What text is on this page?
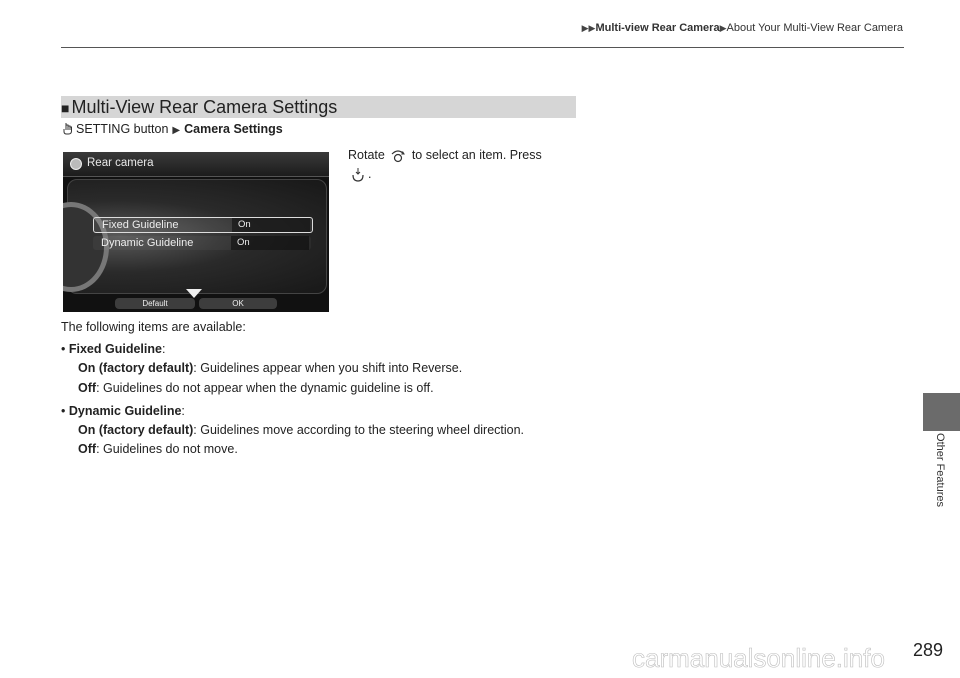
▶▶Multi-view Rear Camera▶About Your Multi-View Rear Camera
Other Features
■ Multi-View Rear Camera Settings
SETTING button ▶ Camera Settings
Rear camera
Fixed Guideline	On
Dynamic Guideline	On
Default	OK
Rotate to select an item. Press
.
The following items are available:
• Fixed Guideline:
On (factory default): Guidelines appear when you shift into Reverse.
Off: Guidelines do not appear when the dynamic guideline is off.
• Dynamic Guideline:
On (factory default): Guidelines move according to the steering wheel direction.
Off: Guidelines do not move.
289
carmanualsonline.info
